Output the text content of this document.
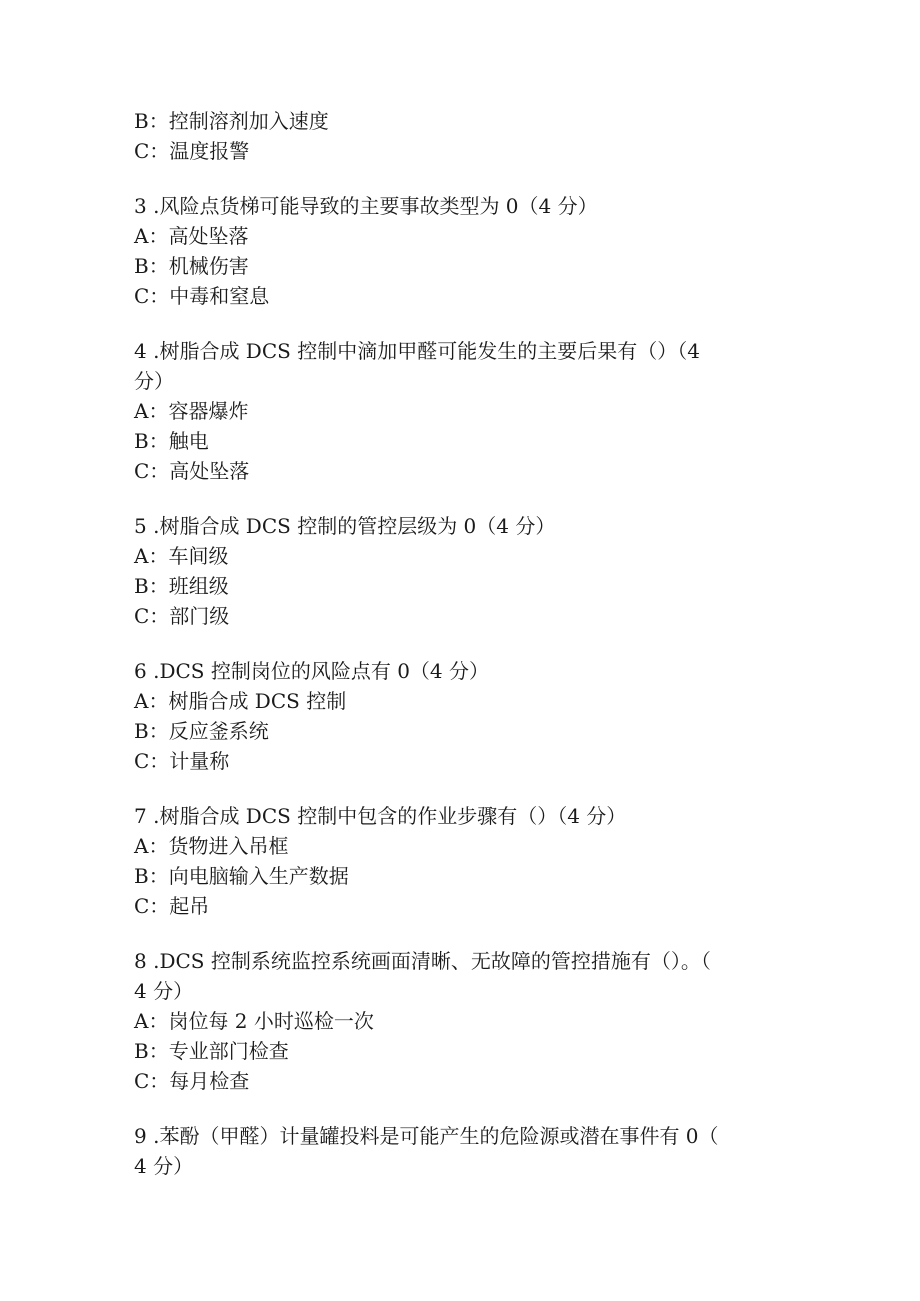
B：控制溶剂加入速度

C：温度报警

3 .风险点货梯可能导致的主要事故类型为 0（4 分）

A：高处坠落

B：机械伤害

C：中毒和窒息

4 .树脂合成 DCS 控制中滴加甲醛可能发生的主要后果有（）（4

分）

A：容器爆炸

B：触电

C：高处坠落

5 .树脂合成 DCS 控制的管控层级为 0（4 分）

A：车间级

B：班组级

C：部门级

6 .DCS 控制岗位的风险点有 0（4 分）

A：树脂合成 DCS 控制

B：反应釜系统

C：计量称

7 .树脂合成 DCS 控制中包含的作业步骤有（）（4 分）

A：货物进入吊框

B：向电脑输入生产数据

C：起吊

8 .DCS 控制系统监控系统画面清晰、无故障的管控措施有（）。（

4 分）

A：岗位每 2 小时巡检一次

B：专业部门检查

C：每月检查

9 .苯酚（甲醛）计量罐投料是可能产生的危险源或潜在事件有 0（

4 分）
